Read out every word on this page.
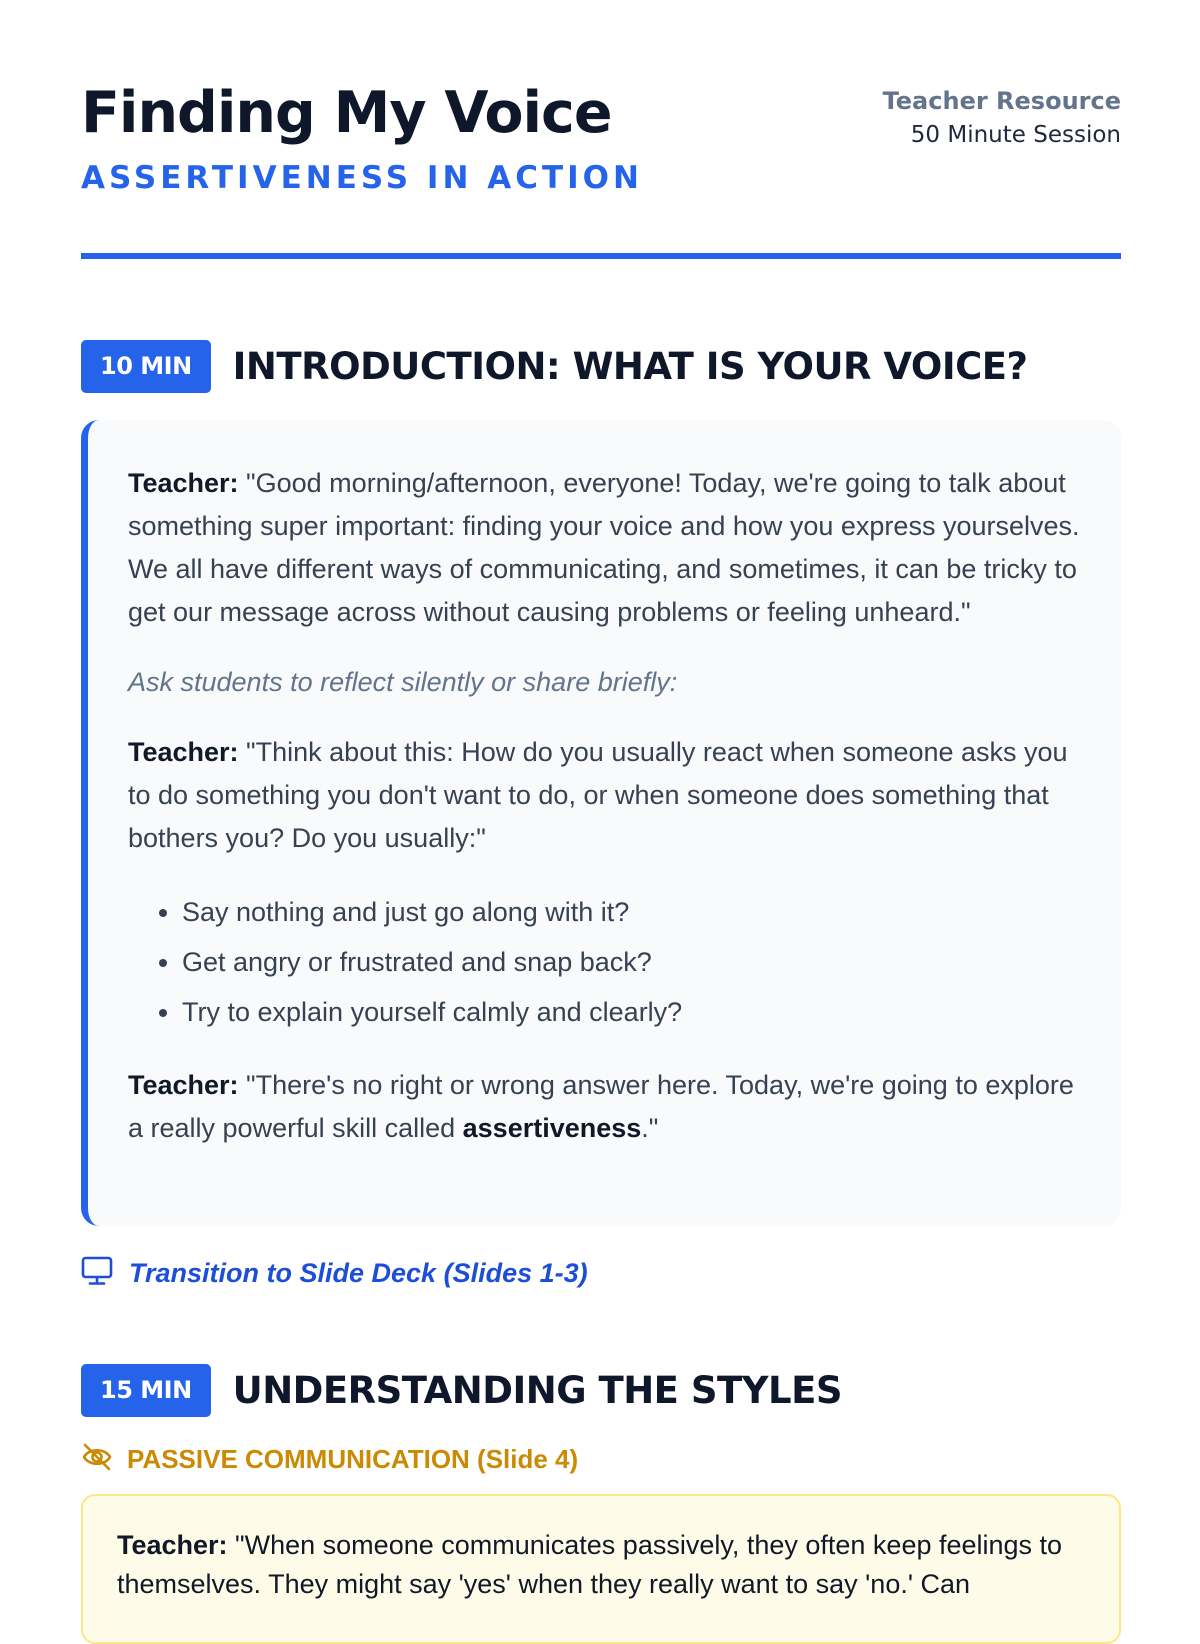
Finding My Voice
ASSERTIVENESS IN ACTION
Teacher Resource
50 Minute Session
10 MIN	INTRODUCTION: WHAT IS YOUR VOICE?

Teacher: "Good morning/afternoon, everyone! Today, we're going to talk about something super important: finding your voice and how you express yourselves. We all have different ways of communicating, and sometimes, it can be tricky to get our message across without causing problems or feeling unheard."

Ask students to reflect silently or share briefly:

Teacher: "Think about this: How do you usually react when someone asks you to do something you don't want to do, or when someone does something that bothers you? Do you usually:"

• Say nothing and just go along with it?
• Get angry or frustrated and snap back?
• Try to explain yourself calmly and clearly?

Teacher: "There's no right or wrong answer here. Today, we're going to explore a really powerful skill called assertiveness."

Transition to Slide Deck (Slides 1-3)
15 MIN	UNDERSTANDING THE STYLES
PASSIVE COMMUNICATION (Slide 4)
Teacher: "When someone communicates passively, they often keep feelings to themselves. They might say 'yes' when they really want to say 'no.' Can
